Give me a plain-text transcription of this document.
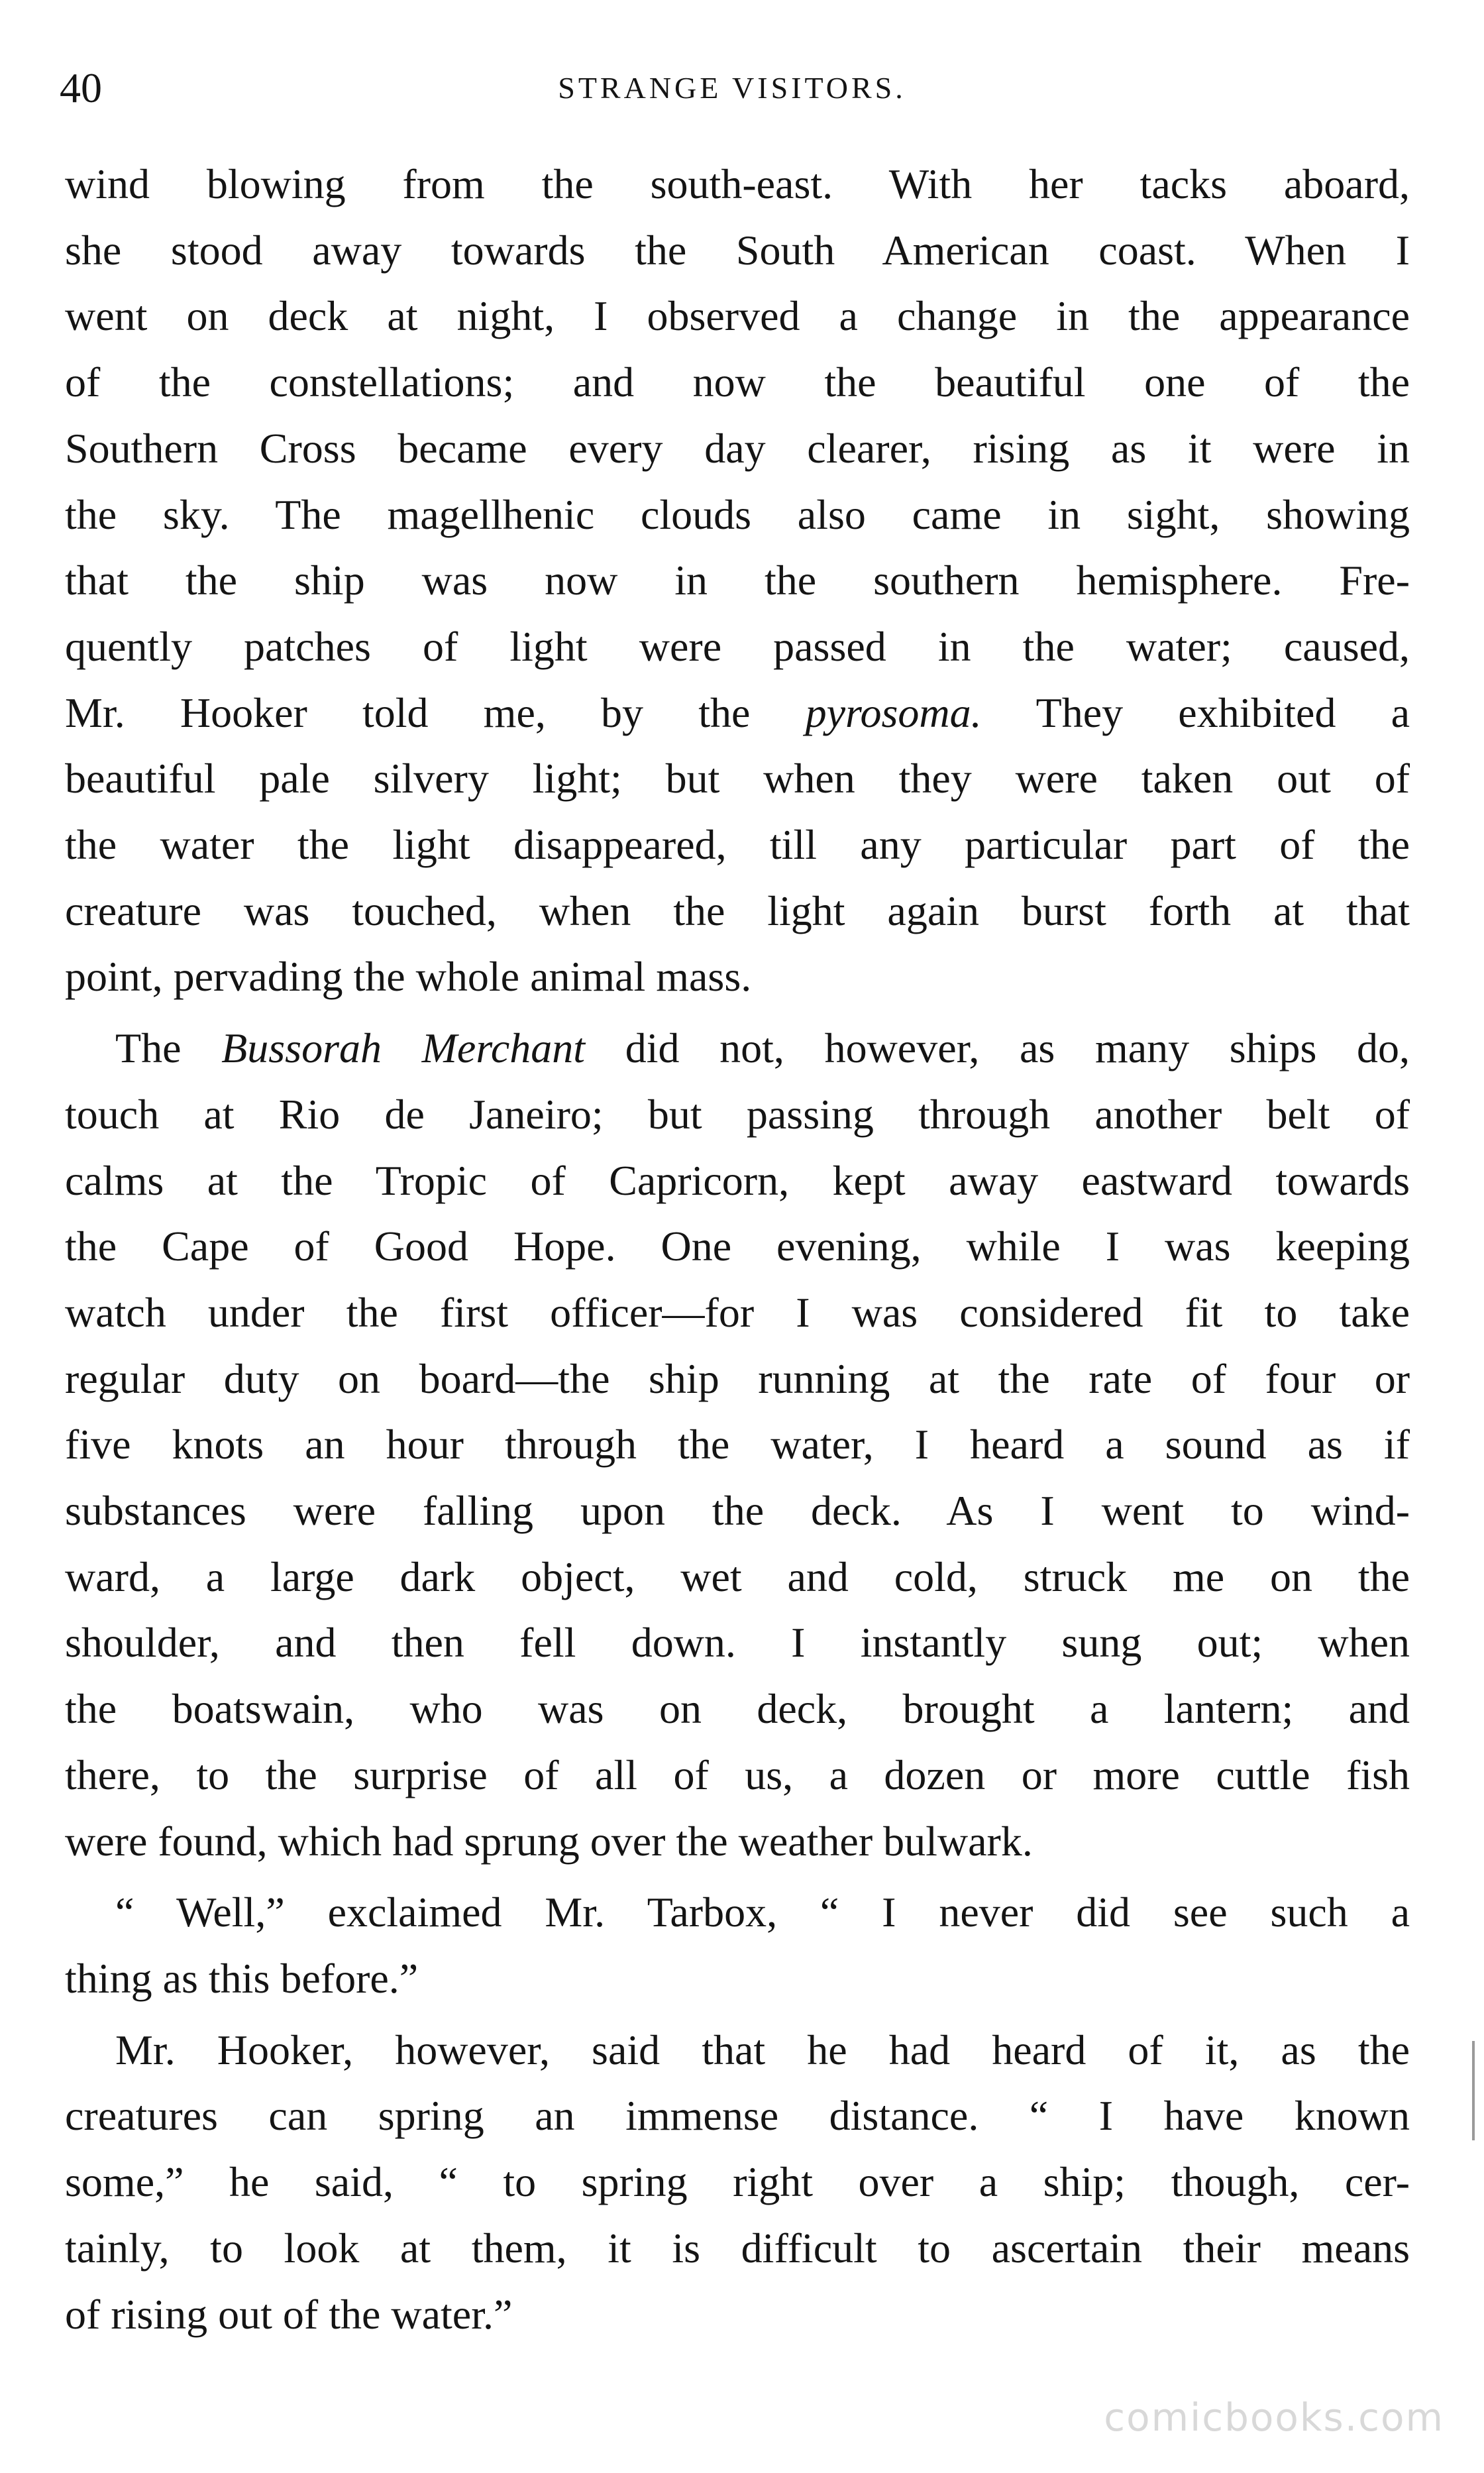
40	STRANGE VISITORS.

wind blowing from the south-east. With her tacks aboard,
she stood away towards the South American coast. When I
went on deck at night, I observed a change in the appearance
of the constellations; and now the beautiful one of the
Southern Cross became every day clearer, rising as it were in
the sky. The magellhenic clouds also came in sight, showing
that the ship was now in the southern hemisphere. Fre-
quently patches of light were passed in the water; caused,
Mr. Hooker told me, by the pyrosoma. They exhibited a
beautiful pale silvery light; but when they were taken out of
the water the light disappeared, till any particular part of the
creature was touched, when the light again burst forth at that
point, pervading the whole animal mass.

The Bussorah Merchant did not, however, as many ships do,
touch at Rio de Janeiro; but passing through another belt of
calms at the Tropic of Capricorn, kept away eastward towards
the Cape of Good Hope. One evening, while I was keeping
watch under the first officer—for I was considered fit to take
regular duty on board—the ship running at the rate of four or
five knots an hour through the water, I heard a sound as if
substances were falling upon the deck. As I went to wind-
ward, a large dark object, wet and cold, struck me on the
shoulder, and then fell down. I instantly sung out; when
the boatswain, who was on deck, brought a lantern; and
there, to the surprise of all of us, a dozen or more cuttle fish
were found, which had sprung over the weather bulwark.

“ Well,” exclaimed Mr. Tarbox, “ I never did see such a
thing as this before.”

Mr. Hooker, however, said that he had heard of it, as the
creatures can spring an immense distance. “ I have known
some,” he said, “ to spring right over a ship; though, cer-
tainly, to look at them, it is difficult to ascertain their means
of rising out of the water.”

comicbooks.com
